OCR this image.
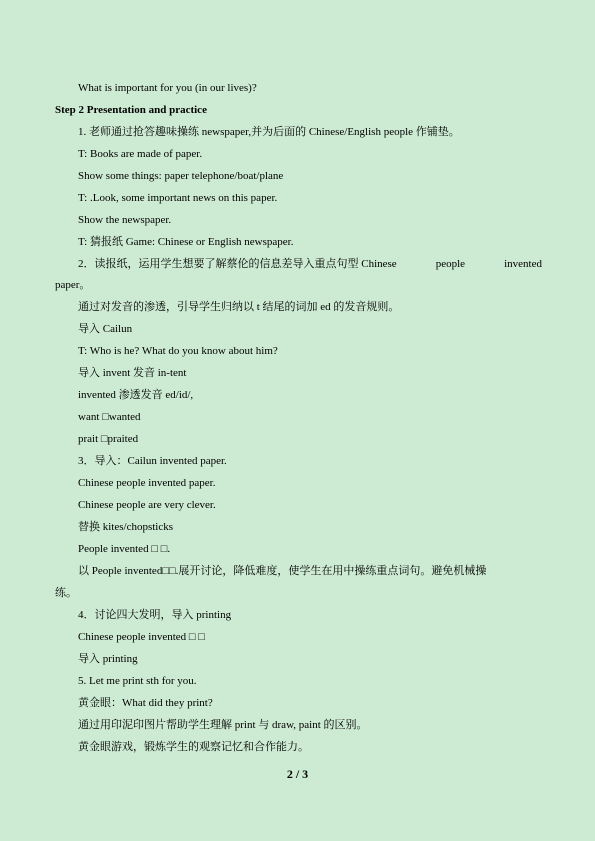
What is important for you (in our lives)?
Step 2 Presentation and practice
1. 老师通过抢答趣味操练 newspaper,并为后面的 Chinese/English people 作铺垫。
T: Books are made of paper.
Show some things: paper telephone/boat/plane
T: .Look, some important news on this paper.
Show the newspaper.
T: 猜报纸 Game: Chinese or English newspaper.
2．读报纸，运用学生想要了解蔡伦的信息差导入重点句型 Chinese	people	invented
paper。
通过对发音的渗透，引导学生归纳以 t 结尾的词加 ed 的发音规则。
导入 Cailun
T: Who is he? What do you know about him?
导入 invent 发音 in-tent
invented 渗透发音 ed/id/,
want □wanted
prait □praited
3．导入：Cailun invented paper.
Chinese people invented paper.
Chinese people are very clever.
替换 kites/chopsticks
People invented □ □.
以 People invented□□.展开讨论，降低难度，使学生在用中操练重点词句。避免机械操
练。
4．讨论四大发明，导入 printing
Chinese people invented □ □
导入 printing
5. Let me print sth for you.
黄金眼：What did they print?
通过用印泥印图片帮助学生理解 print 与 draw, paint 的区别。
黄金眼游戏，锻炼学生的观察记忆和合作能力。
2 / 3
